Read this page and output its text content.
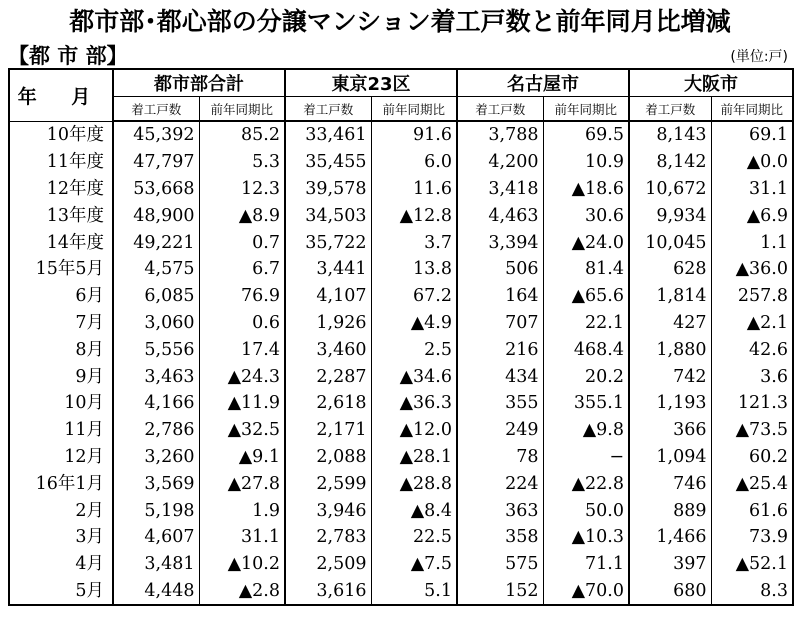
都市部･都心部の分譲マンション着工戸数と前年同月比増減
【都 市 部】	(単位:戸)
年 月	都市部合計		東京23区		名古屋市		大阪市	
	着工戸数	前年同期比	着工戸数	前年同期比	着工戸数	前年同期比	着工戸数	前年同期比
10年度	45,392	85.2	33,461	91.6	3,788	69.5	8,143	69.1
11年度	47,797	5.3	35,455	6.0	4,200	10.9	8,142	▲0.0
12年度	53,668	12.3	39,578	11.6	3,418	▲18.6	10,672	31.1
13年度	48,900	▲8.9	34,503	▲12.8	4,463	30.6	9,934	▲6.9
14年度	49,221	0.7	35,722	3.7	3,394	▲24.0	10,045	1.1
15年5月	4,575	6.7	3,441	13.8	506	81.4	628	▲36.0
6月	6,085	76.9	4,107	67.2	164	▲65.6	1,814	257.8
7月	3,060	0.6	1,926	▲4.9	707	22.1	427	▲2.1
8月	5,556	17.4	3,460	2.5	216	468.4	1,880	42.6
9月	3,463	▲24.3	2,287	▲34.6	434	20.2	742	3.6
10月	4,166	▲11.9	2,618	▲36.3	355	355.1	1,193	121.3
11月	2,786	▲32.5	2,171	▲12.0	249	▲9.8	366	▲73.5
12月	3,260	▲9.1	2,088	▲28.1	78	−	1,094	60.2
16年1月	3,569	▲27.8	2,599	▲28.8	224	▲22.8	746	▲25.4
2月	5,198	1.9	3,946	▲8.4	363	50.0	889	61.6
3月	4,607	31.1	2,783	22.5	358	▲10.3	1,466	73.9
4月	3,481	▲10.2	2,509	▲7.5	575	71.1	397	▲52.1
5月	4,448	▲2.8	3,616	5.1	152	▲70.0	680	8.3
